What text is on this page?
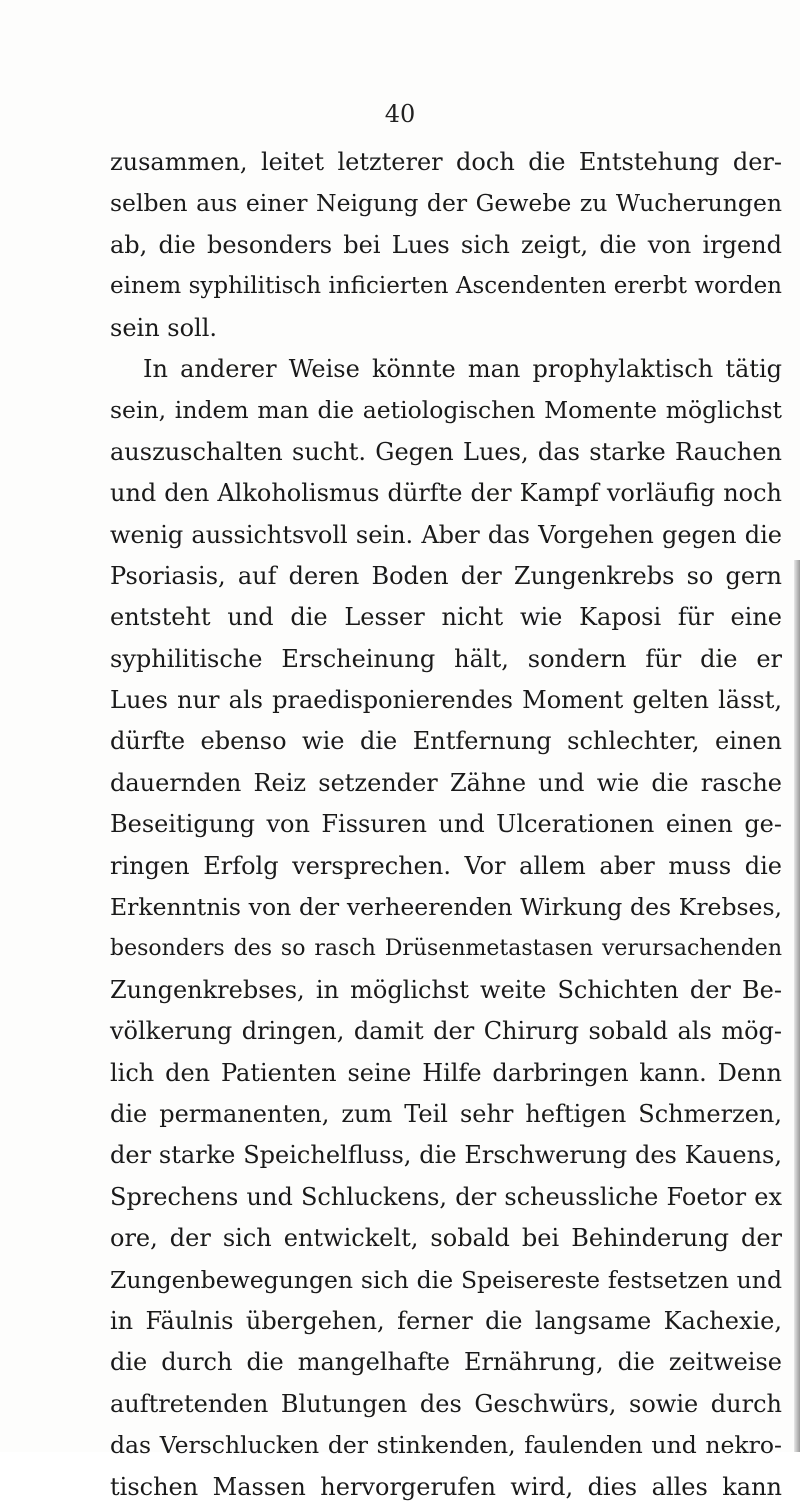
40
zusammen, leitet letzterer doch die Entstehung der-
selben aus einer Neigung der Gewebe zu Wucherungen
ab, die besonders bei Lues sich zeigt, die von irgend
einem syphilitisch inficierten Ascendenten ererbt worden
sein soll.
In anderer Weise könnte man prophylaktisch tätig
sein, indem man die aetiologischen Momente möglichst
auszuschalten sucht. Gegen Lues, das starke Rauchen
und den Alkoholismus dürfte der Kampf vorläufig noch
wenig aussichtsvoll sein. Aber das Vorgehen gegen die
Psoriasis, auf deren Boden der Zungenkrebs so gern
entsteht und die Lesser nicht wie Kaposi für eine
syphilitische Erscheinung hält, sondern für die er
Lues nur als praedisponierendes Moment gelten lässt,
dürfte ebenso wie die Entfernung schlechter, einen
dauernden Reiz setzender Zähne und wie die rasche
Beseitigung von Fissuren und Ulcerationen einen ge-
ringen Erfolg versprechen. Vor allem aber muss die
Erkenntnis von der verheerenden Wirkung des Krebses,
besonders des so rasch Drüsenmetastasen verursachenden
Zungenkrebses, in möglichst weite Schichten der Be-
völkerung dringen, damit der Chirurg sobald als mög-
lich den Patienten seine Hilfe darbringen kann. Denn
die permanenten, zum Teil sehr heftigen Schmerzen,
der starke Speichelfluss, die Erschwerung des Kauens,
Sprechens und Schluckens, der scheussliche Foetor ex
ore, der sich entwickelt, sobald bei Behinderung der
Zungenbewegungen sich die Speisereste festsetzen und
in Fäulnis übergehen, ferner die langsame Kachexie,
die durch die mangelhafte Ernährung, die zeitweise
auftretenden Blutungen des Geschwürs, sowie durch
das Verschlucken der stinkenden, faulenden und nekro-
tischen Massen hervorgerufen wird, dies alles kann
